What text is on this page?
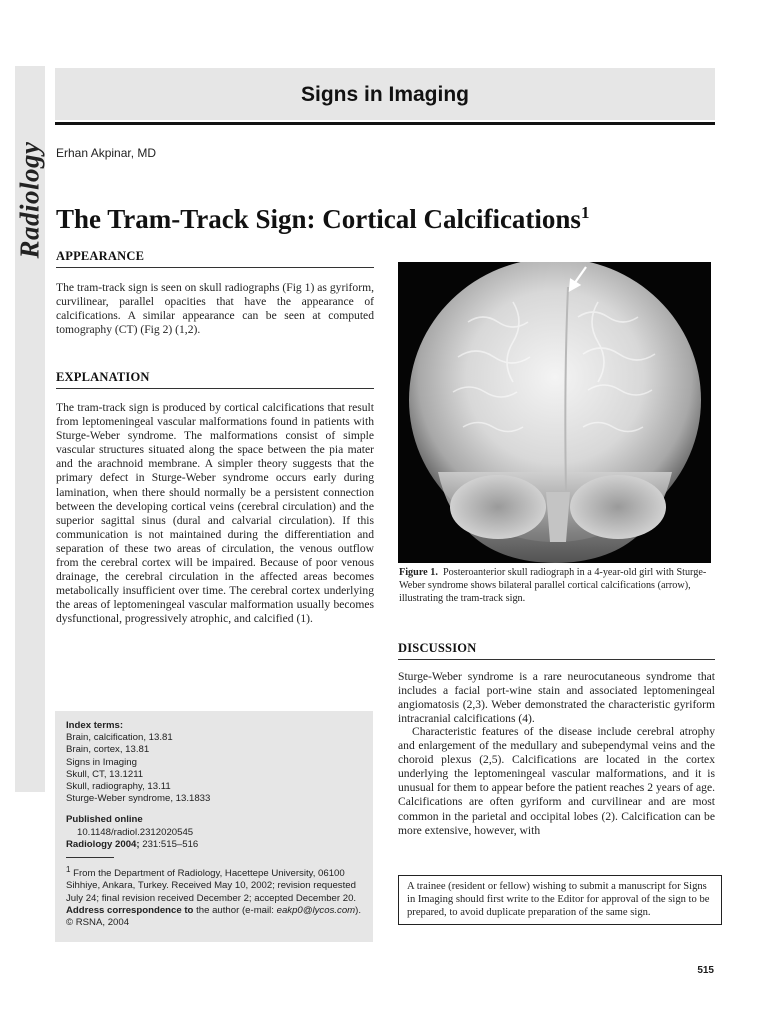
Radiology
Signs in Imaging
Erhan Akpinar, MD
The Tram-Track Sign: Cortical Calcifications$^1$
APPEARANCE

The tram-track sign is seen on skull radiographs (Fig 1) as gyriform, curvilinear, parallel opacities that have the appearance of calcifications. A similar appearance can be seen at computed tomography (CT) (Fig 2) (1,2).

EXPLANATION

The tram-track sign is produced by cortical calcifications that result from leptomeningeal vascular malformations found in patients with Sturge-Weber syndrome. The malformations consist of simple vascular structures situated along the space between the pia mater and the arachnoid membrane. A simpler theory suggests that the primary defect in Sturge-Weber syndrome occurs early during lamination, when there should normally be a persistent connection between the developing cortical veins (cerebral circulation) and the superior sagittal sinus (dural and calvarial circulation). If this communication is not maintained during the differentiation and separation of these two areas of circulation, the venous outflow from the cerebral cortex will be impaired. Because of poor venous drainage, the cerebral circulation in the affected areas becomes metabolically insufficient over time. The cerebral cortex underlying the areas of leptomeningeal vascular malformation usually becomes dysfunctional, progressively atrophic, and calcified (1).

Figure 1. Posteroanterior skull radiograph in a 4-year-old girl with Sturge-Weber syndrome shows bilateral parallel cortical calcifications (arrow), illustrating the tram-track sign.

DISCUSSION

Sturge-Weber syndrome is a rare neurocutaneous syndrome that includes a facial port-wine stain and associated leptomeningeal angiomatosis (2,3). Weber demonstrated the characteristic gyriform intracranial calcifications (4).

Characteristic features of the disease include cerebral atrophy and enlargement of the medullary and subependymal veins and the choroid plexus (2,5). Calcifications are located in the cortex underlying the leptomeningeal vascular malformations, and it is unusual for them to appear before the patient reaches 2 years of age. Calcifications are often gyriform and curvilinear and are most common in the parietal and occipital lobes (2). Calcification can be more extensive, however, with

Index terms:
Brain, calcification, 13.81
Brain, cortex, 13.81
Signs in Imaging
Skull, CT, 13.1211
Skull, radiography, 13.11
Sturge-Weber syndrome, 13.1833
Published online
10.1148/radiol.2312020545
Radiology 2004; 231:515–516

$^1$ From the Department of Radiology, Hacettepe University, 06100 Sihhiye, Ankara, Turkey. Received May 10, 2002; revision requested July 24; final revision received December 2; accepted December 20.

Address correspondence to the author (e-mail: eakp0@lycos.com).

© RSNA, 2004

A trainee (resident or fellow) wishing to submit a manuscript for Signs in Imaging should first write to the Editor for approval of the sign to be prepared, to avoid duplicate preparation of the same sign.
515
